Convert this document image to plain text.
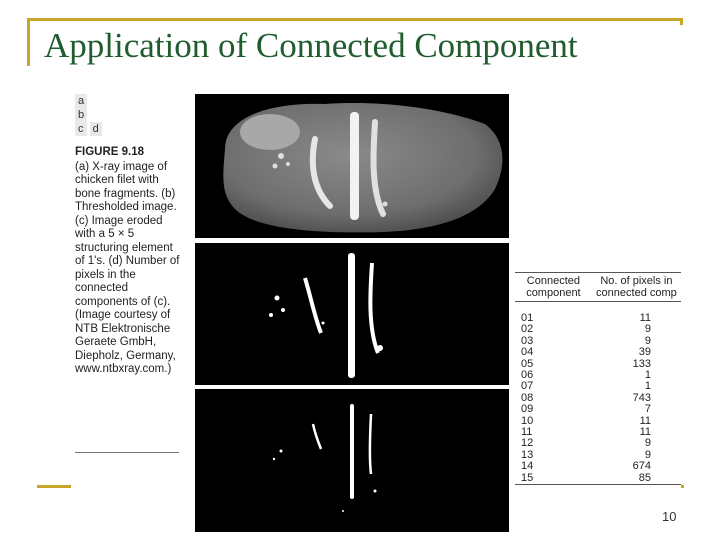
Application of Connected Component
a
b
c d
FIGURE 9.18
(a) X-ray image of chicken filet with bone fragments. (b) Thresholded image. (c) Image eroded with a 5 × 5 structuring element of 1's. (d) Number of pixels in the connected components of (c). (Image courtesy of NTB Elektronische Geraete GmbH, Diepholz, Germany, www.ntbxray.com.)
Connected component	No. of pixels in connected comp
01	11
02	9
03	9
04	39
05	133
06	1
07	1
08	743
09	7
10	11
11	11
12	9
13	9
14	674
15	85
10
